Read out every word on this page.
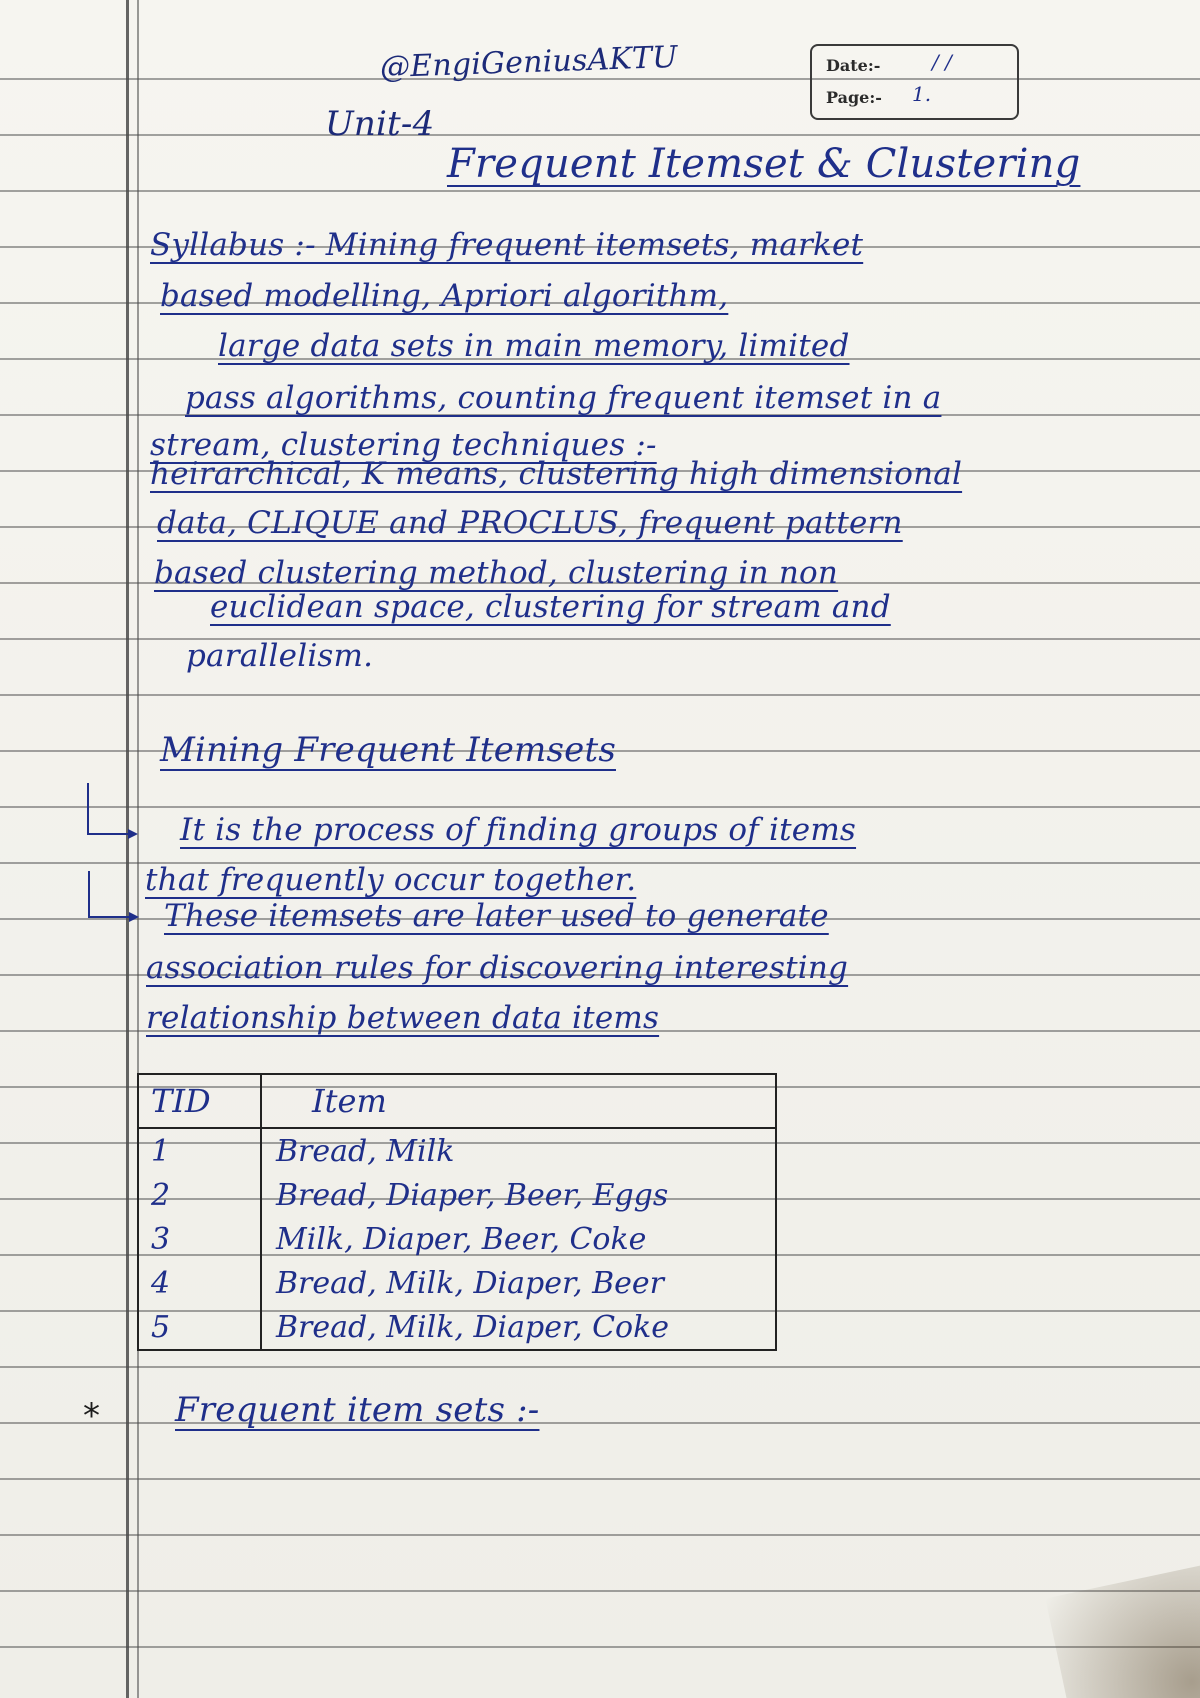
@EngiGeniusAKTU
Unit-4
Frequent Itemset & Clustering
Date:-	/ /
Page:- 1.
Syllabus :- Mining frequent itemsets, market
based modelling, Apriori algorithm,
large data sets in main memory, limited
pass algorithms, counting frequent itemset in a
stream, clustering techniques :-
heirarchical, K means, clustering high dimensional
data, CLIQUE and PROCLUS, frequent pattern
based clustering method, clustering in non
euclidean space, clustering for stream and
parallelism.
Mining Frequent Itemsets
It is the process of finding groups of items
that frequently occur together.
These itemsets are later used to generate
association rules for discovering interesting
relationship between data items
TID	Item
1	Bread, Milk
2	Bread, Diaper, Beer, Eggs
3	Milk, Diaper, Beer, Coke
4	Bread, Milk, Diaper, Beer
5	Bread, Milk, Diaper, Coke
* Frequent item sets :-
